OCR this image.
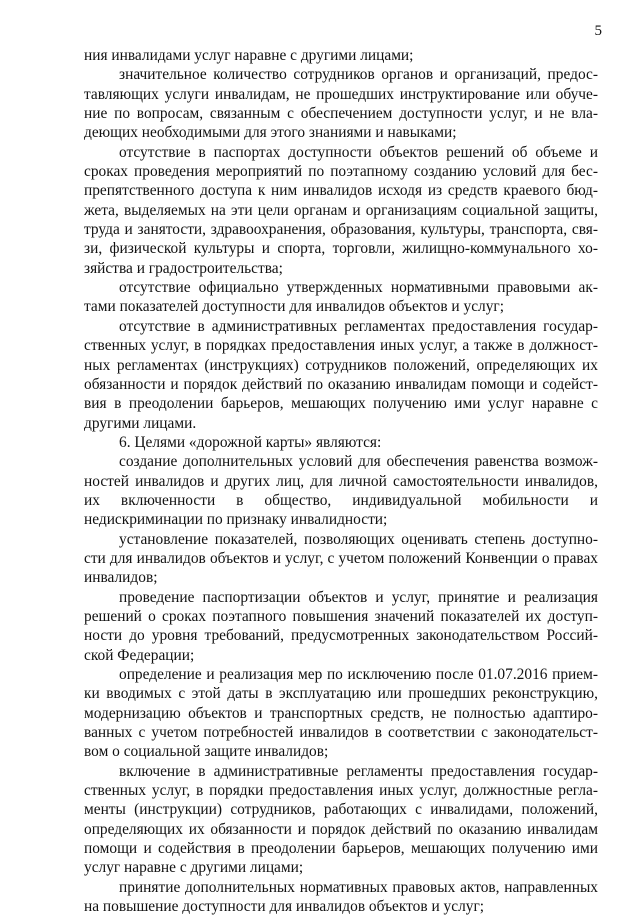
5

ния инвалидами услуг наравне с другими лицами;

значительное количество сотрудников органов и организаций, предоставляющих услуги инвалидам, не прошедших инструктирование или обучение по вопросам, связанным с обеспечением доступности услуг, и не владеющих необходимыми для этого знаниями и навыками;

отсутствие в паспортах доступности объектов решений об объеме и сроках проведения мероприятий по поэтапному созданию условий для беспрепятственного доступа к ним инвалидов исходя из средств краевого бюджета, выделяемых на эти цели органам и организациям социальной защиты, труда и занятости, здравоохранения, образования, культуры, транспорта, связи, физической культуры и спорта, торговли, жилищно-коммунального хозяйства и градостроительства;

отсутствие официально утвержденных нормативными правовыми актами показателей доступности для инвалидов объектов и услуг;

отсутствие в административных регламентах предоставления государственных услуг, в порядках предоставления иных услуг, а также в должностных регламентах (инструкциях) сотрудников положений, определяющих их обязанности и порядок действий по оказанию инвалидам помощи и содействия в преодолении барьеров, мешающих получению ими услуг наравне с другими лицами.

6. Целями «дорожной карты» являются:

создание дополнительных условий для обеспечения равенства возможностей инвалидов и других лиц, для личной самостоятельности инвалидов, их включенности в общество, индивидуальной мобильности и недискриминации по признаку инвалидности;

установление показателей, позволяющих оценивать степень доступности для инвалидов объектов и услуг, с учетом положений Конвенции о правах инвалидов;

проведение паспортизации объектов и услуг, принятие и реализация решений о сроках поэтапного повышения значений показателей их доступности до уровня требований, предусмотренных законодательством Российской Федерации;

определение и реализация мер по исключению после 01.07.2016 приемки вводимых с этой даты в эксплуатацию или прошедших реконструкцию, модернизацию объектов и транспортных средств, не полностью адаптированных с учетом потребностей инвалидов в соответствии с законодательством о социальной защите инвалидов;

включение в административные регламенты предоставления государственных услуг, в порядки предоставления иных услуг, должностные регламенты (инструкции) сотрудников, работающих с инвалидами, положений, определяющих их обязанности и порядок действий по оказанию инвалидам помощи и содействия в преодолении барьеров, мешающих получению ими услуг наравне с другими лицами;

принятие дополнительных нормативных правовых актов, направленных на повышение доступности для инвалидов объектов и услуг;
